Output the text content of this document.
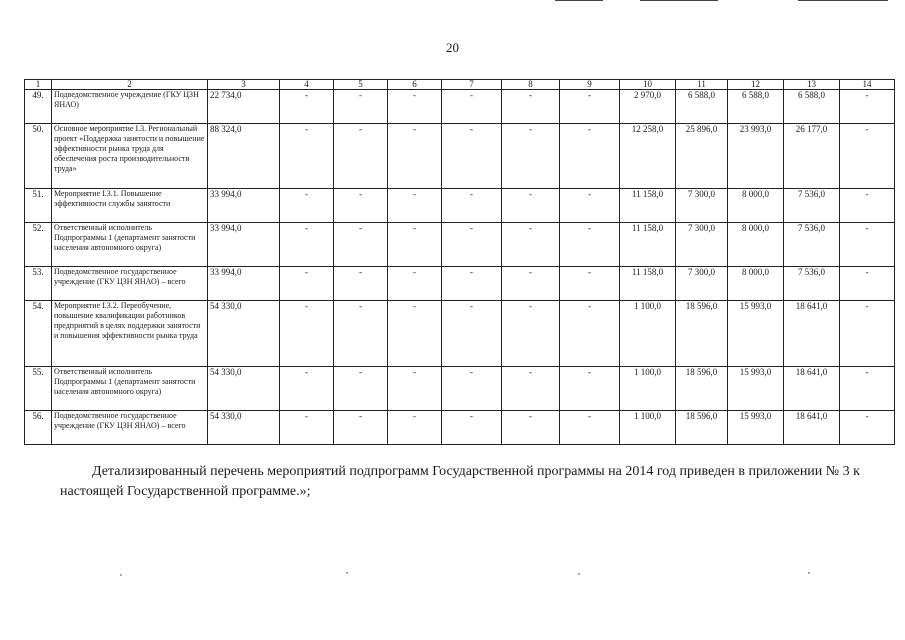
20
1	2	3	4	5	6	7	8	9	10	11	12	13	14
49.	Подведомственное учреждение (ГКУ ЦЗН ЯНАО)	22 734,0	-	-	-	-	-	-	2 970,0	6 588,0	6 588,0	6 588,0	-
50.	Основное мероприятие I.3. Региональный проект «Поддержка занятости и повышение эффективности рынка труда для обеспечения роста производительности труда»	88 324,0	-	-	-	-	-	-	12 258,0	25 896,0	23 993,0	26 177,0	-
51.	Мероприятие I.3.1. Повышение эффективности службы занятости	33 994,0	-	-	-	-	-	-	11 158,0	7 300,0	8 000,0	7 536,0	-
52.	Ответственный исполнитель Подпрограммы 1 (департамент занятости населения автономного округа)	33 994,0	-	-	-	-	-	-	11 158,0	7 300,0	8 000,0	7 536,0	-
53.	Подведомственное государственное учреждение (ГКУ ЦЗН ЯНАО) – всего	33 994,0	-	-	-	-	-	-	11 158,0	7 300,0	8 000,0	7 536,0	-
54.	Мероприятие I.3.2. Переобучение, повышение квалификации работников предприятий в целях поддержки занятости и повышения эффективности рынка труда	54 330,0	-	-	-	-	-	-	1 100,0	18 596,0	15 993,0	18 641,0	-
55.	Ответственный исполнитель Подпрограммы 1 (департамент занятости населения автономного округа)	54 330,0	-	-	-	-	-	-	1 100,0	18 596,0	15 993,0	18 641,0	-
56.	Подведомственное государственное учреждение (ГКУ ЦЗН ЯНАО) – всего	54 330,0	-	-	-	-	-	-	1 100,0	18 596,0	15 993,0	18 641,0	-
Детализированный перечень мероприятий подпрограмм Государственной программы на 2014 год приведен в приложении № 3 к настоящей Государственной программе.»;
